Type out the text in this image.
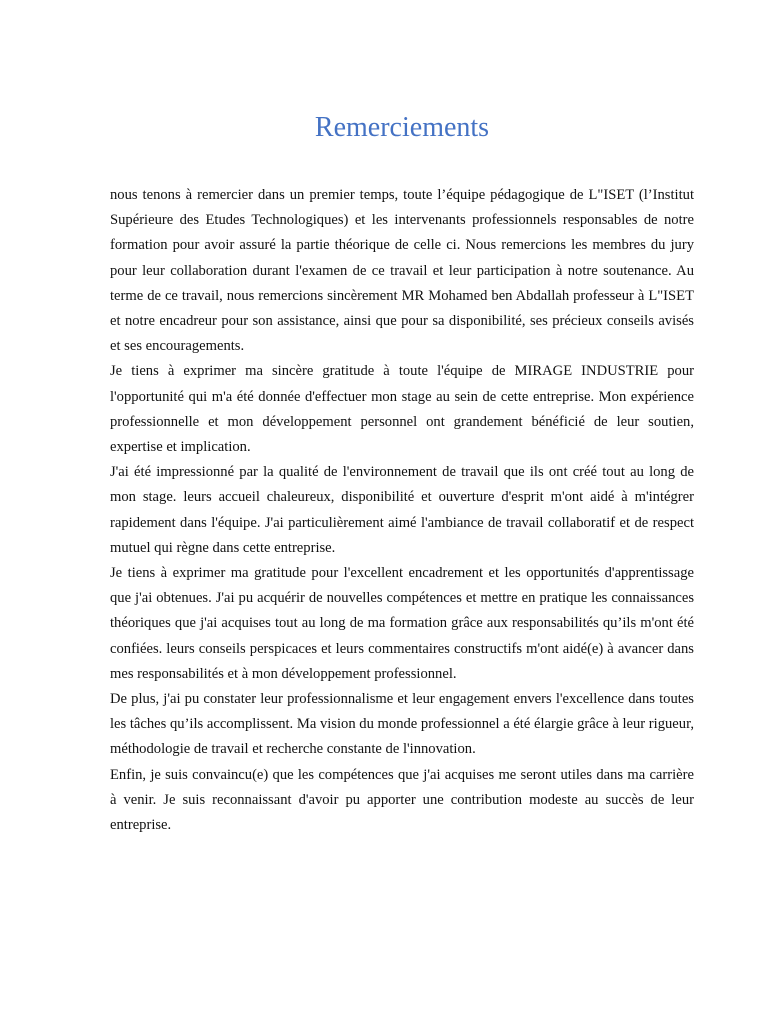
Remerciements

nous tenons à remercier dans un premier temps, toute l’équipe pédagogique de L"ISET (l’Institut Supérieure des Etudes Technologiques) et les intervenants professionnels responsables de notre formation pour avoir assuré la partie théorique de celle ci. Nous remercions les membres du jury pour leur collaboration durant l'examen de ce travail et leur participation à notre soutenance. Au terme de ce travail, nous remercions sincèrement MR Mohamed ben Abdallah professeur à L"ISET et notre encadreur pour son assistance, ainsi que pour sa disponibilité, ses précieux conseils avisés et ses encouragements.

Je tiens à exprimer ma sincère gratitude à toute l'équipe de MIRAGE INDUSTRIE pour l'opportunité qui m'a été donnée d'effectuer mon stage au sein de cette entreprise. Mon expérience professionnelle et mon développement personnel ont grandement bénéficié de leur soutien, expertise et implication.

J'ai été impressionné par la qualité de l'environnement de travail que ils ont créé tout au long de mon stage. leurs accueil chaleureux, disponibilité et ouverture d'esprit m'ont aidé à m'intégrer rapidement dans l'équipe. J'ai particulièrement aimé l'ambiance de travail collaboratif et de respect mutuel qui règne dans cette entreprise.

Je tiens à exprimer ma gratitude pour l'excellent encadrement et les opportunités d'apprentissage que j'ai obtenues. J'ai pu acquérir de nouvelles compétences et mettre en pratique les connaissances théoriques que j'ai acquises tout au long de ma formation grâce aux responsabilités qu’ils m'ont été confiées. leurs conseils perspicaces et leurs commentaires constructifs m'ont aidé(e) à avancer dans mes responsabilités et à mon développement professionnel.

De plus, j'ai pu constater leur professionnalisme et leur engagement envers l'excellence dans toutes les tâches qu’ils accomplissent. Ma vision du monde professionnel a été élargie grâce à leur rigueur, méthodologie de travail et recherche constante de l'innovation.

Enfin, je suis convaincu(e) que les compétences que j'ai acquises me seront utiles dans ma carrière à venir. Je suis reconnaissant d'avoir pu apporter une contribution modeste au succès de leur entreprise.
